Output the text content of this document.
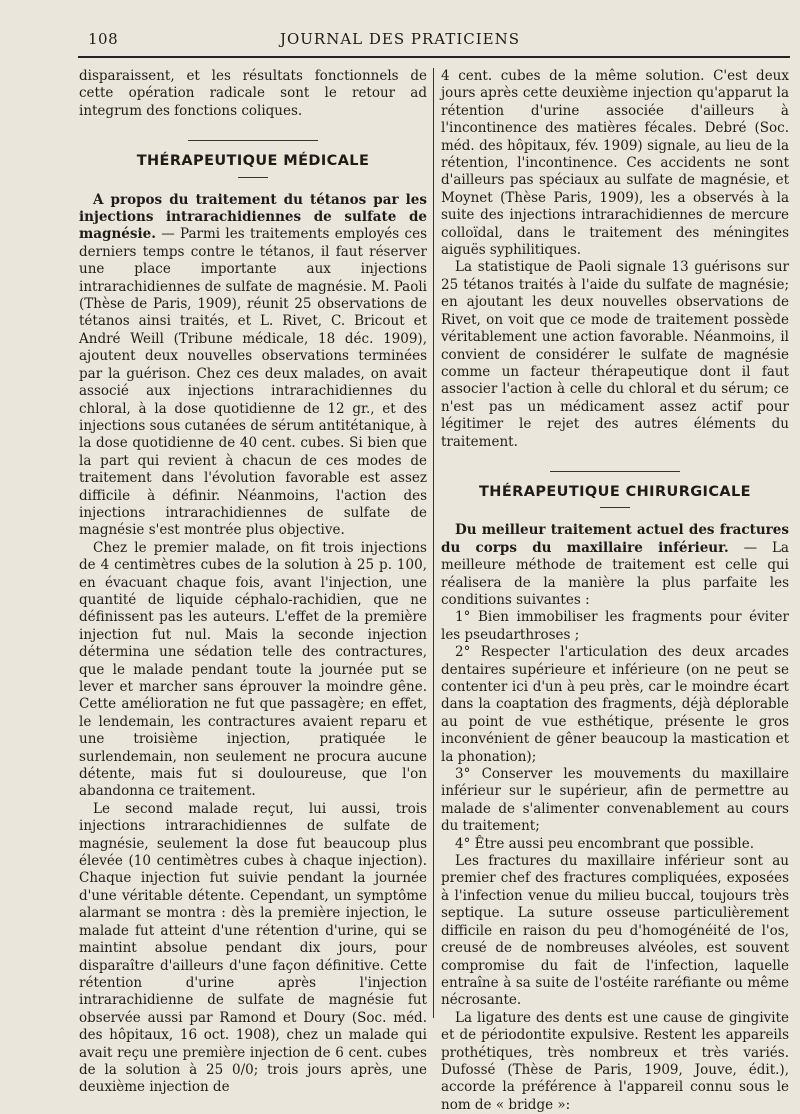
108	JOURNAL DES PRATICIENS

disparaissent, et les résultats fonctionnels de cette opération radicale sont le retour ad integrum des fonctions coliques.

THÉRAPEUTIQUE MÉDICALE

A propos du traitement du tétanos par les injections intrarachidiennes de sulfate de magnésie. — Parmi les traitements employés ces derniers temps contre le tétanos, il faut réserver une place importante aux injections intrarachidiennes de sulfate de magnésie. M. Paoli (Thèse de Paris, 1909), réunit 25 observations de tétanos ainsi traités, et L. Rivet, C. Bricout et André Weill (Tribune médicale, 18 déc. 1909), ajoutent deux nouvelles observations terminées par la guérison. Chez ces deux malades, on avait associé aux injections intrarachidiennes du chloral, à la dose quotidienne de 12 gr., et des injections sous cutanées de sérum antitétanique, à la dose quotidienne de 40 cent. cubes. Si bien que la part qui revient à chacun de ces modes de traitement dans l'évolution favorable est assez difficile à définir. Néanmoins, l'action des injections intrarachidiennes de sulfate de magnésie s'est montrée plus objective.

Chez le premier malade, on fit trois injections de 4 centimètres cubes de la solution à 25 p. 100, en évacuant chaque fois, avant l'injection, une quantité de liquide céphalo-rachidien, que ne définissent pas les auteurs. L'effet de la première injection fut nul. Mais la seconde injection détermina une sédation telle des contractures, que le malade pendant toute la journée put se lever et marcher sans éprouver la moindre gêne. Cette amélioration ne fut que passagère; en effet, le lendemain, les contractures avaient reparu et une troisième injection, pratiquée le surlendemain, non seulement ne procura aucune détente, mais fut si douloureuse, que l'on abandonna ce traitement.

Le second malade reçut, lui aussi, trois injections intrarachidiennes de sulfate de magnésie, seulement la dose fut beaucoup plus élevée (10 centimètres cubes à chaque injection). Chaque injection fut suivie pendant la journée d'une véritable détente. Cependant, un symptôme alarmant se montra : dès la première injection, le malade fut atteint d'une rétention d'urine, qui se maintint absolue pendant dix jours, pour disparaître d'ailleurs d'une façon définitive. Cette rétention d'urine après l'injection intrarachidienne de sulfate de magnésie fut observée aussi par Ramond et Doury (Soc. méd. des hôpitaux, 16 oct. 1908), chez un malade qui avait reçu une première injection de 6 cent. cubes de la solution à 25 0/0; trois jours après, une deuxième injection de

4 cent. cubes de la même solution. C'est deux jours après cette deuxième injection qu'apparut la rétention d'urine associée d'ailleurs à l'incontinence des matières fécales. Debré (Soc. méd. des hôpitaux, fév. 1909) signale, au lieu de la rétention, l'incontinence. Ces accidents ne sont d'ailleurs pas spéciaux au sulfate de magnésie, et Moynet (Thèse Paris, 1909), les a observés à la suite des injections intrarachidiennes de mercure colloïdal, dans le traitement des méningites aiguës syphilitiques.

La statistique de Paoli signale 13 guérisons sur 25 tétanos traités à l'aide du sulfate de magnésie; en ajoutant les deux nouvelles observations de Rivet, on voit que ce mode de traitement possède véritablement une action favorable. Néanmoins, il convient de considérer le sulfate de magnésie comme un facteur thérapeutique dont il faut associer l'action à celle du chloral et du sérum; ce n'est pas un médicament assez actif pour légitimer le rejet des autres éléments du traitement.

THÉRAPEUTIQUE CHIRURGICALE

Du meilleur traitement actuel des fractures du corps du maxillaire inférieur. — La meilleure méthode de traitement est celle qui réalisera de la manière la plus parfaite les conditions suivantes :

1° Bien immobiliser les fragments pour éviter les pseudarthroses ;

2° Respecter l'articulation des deux arcades dentaires supérieure et inférieure (on ne peut se contenter ici d'un à peu près, car le moindre écart dans la coaptation des fragments, déjà déplorable au point de vue esthétique, présente le gros inconvénient de gêner beaucoup la mastication et la phonation);

3° Conserver les mouvements du maxillaire inférieur sur le supérieur, afin de permettre au malade de s'alimenter convenablement au cours du traitement;

4° Être aussi peu encombrant que possible.

Les fractures du maxillaire inférieur sont au premier chef des fractures compliquées, exposées à l'infection venue du milieu buccal, toujours très septique. La suture osseuse particulièrement difficile en raison du peu d'homogénéité de l'os, creusé de de nombreuses alvéoles, est souvent compromise du fait de l'infection, laquelle entraîne à sa suite de l'ostéite raréfiante ou même nécrosante.

La ligature des dents est une cause de gingivite et de périodontite expulsive. Restent les appareils prothétiques, très nombreux et très variés. Dufossé (Thèse de Paris, 1909, Jouve, édit.), accorde la préférence à l'appareil connu sous le nom de « bridge »:
